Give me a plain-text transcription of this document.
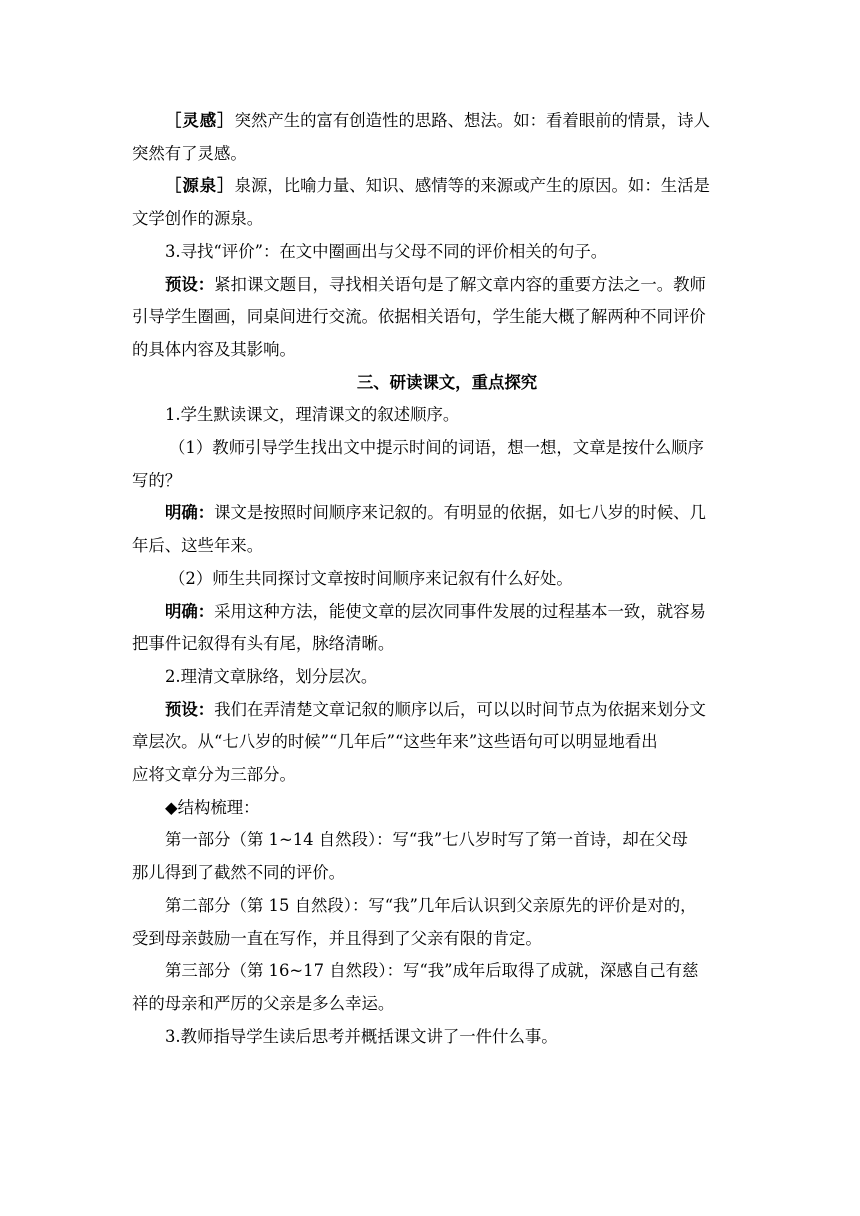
［灵感］突然产生的富有创造性的思路、想法。如：看着眼前的情景，诗人
突然有了灵感。
［源泉］泉源，比喻力量、知识、感情等的来源或产生的原因。如：生活是
文学创作的源泉。
3.寻找“评价”：在文中圈画出与父母不同的评价相关的句子。
预设：紧扣课文题目，寻找相关语句是了解文章内容的重要方法之一。教师
引导学生圈画，同桌间进行交流。依据相关语句，学生能大概了解两种不同评价
的具体内容及其影响。
三、研读课文，重点探究
1.学生默读课文，理清课文的叙述顺序。
（1）教师引导学生找出文中提示时间的词语，想一想，文章是按什么顺序
写的？
明确：课文是按照时间顺序来记叙的。有明显的依据，如七八岁的时候、几
年后、这些年来。
（2）师生共同探讨文章按时间顺序来记叙有什么好处。
明确：采用这种方法，能使文章的层次同事件发展的过程基本一致，就容易
把事件记叙得有头有尾，脉络清晰。
2.理清文章脉络，划分层次。
预设：我们在弄清楚文章记叙的顺序以后，可以以时间节点为依据来划分文
章层次。从“七八岁的时候”“几年后”“这些年来”这些语句可以明显地看出
应将文章分为三部分。
◆结构梳理：
第一部分（第 1~14 自然段）：写“我”七八岁时写了第一首诗，却在父母
那儿得到了截然不同的评价。
第二部分（第 15 自然段）：写“我”几年后认识到父亲原先的评价是对的，
受到母亲鼓励一直在写作，并且得到了父亲有限的肯定。
第三部分（第 16~17 自然段）：写“我”成年后取得了成就，深感自己有慈
祥的母亲和严厉的父亲是多么幸运。
3.教师指导学生读后思考并概括课文讲了一件什么事。
